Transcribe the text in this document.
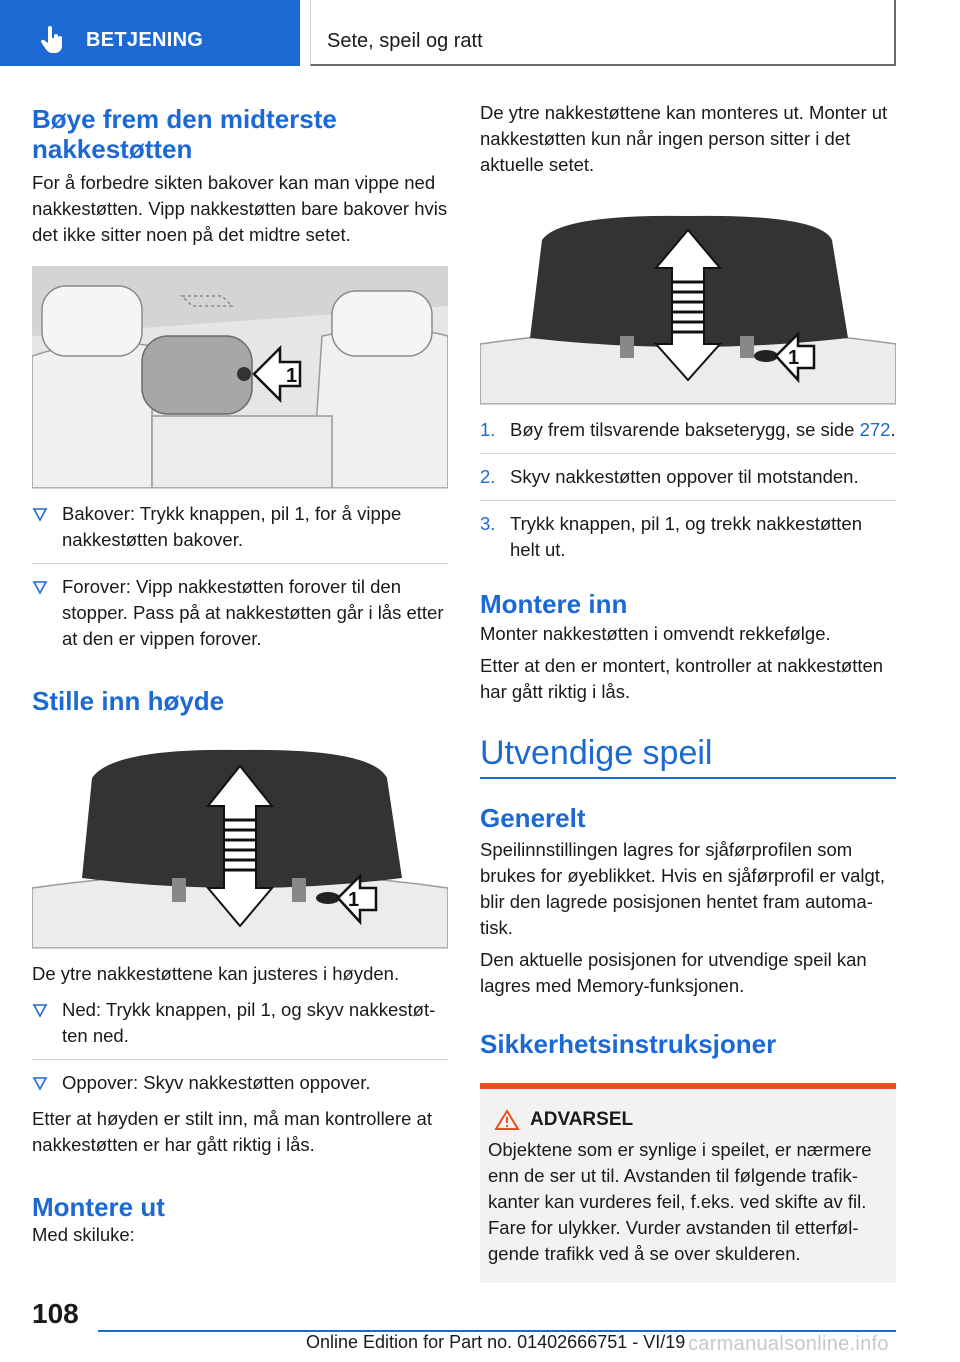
BETJENING	Sete, speil og ratt
Bøye frem den midterste nakkestøtten

For å forbedre sikten bakover kan man vippe ned nakkestøtten. Vipp nakkestøtten bare bakover hvis det ikke sitter noen på det midtre setet.

1
Bakover: Trykk knappen, pil 1, for å vippe nakkestøtten bakover.
Forover: Vipp nakkestøtten forover til den stopper. Pass på at nakkestøtten går i lås etter at den er vippen forover.
Stille inn høyde
1

De ytre nakkestøttene kan justeres i høyden.

Ned: Trykk knappen, pil 1, og skyv nakkestøtten ned.
Oppover: Skyv nakkestøtten oppover.

Etter at høyden er stilt inn, må man kontrollere at nakkestøtten er har gått riktig i lås.

Montere ut

Med skiluke:

De ytre nakkestøttene kan monteres ut. Monter ut nakkestøtten kun når ingen person sitter i det aktuelle setet.

1
1. Bøy frem tilsvarende bakseterygg, se side 272.
2. Skyv nakkestøtten oppover til motstanden.
3. Trykk knappen, pil 1, og trekk nakkestøtten helt ut.
Montere inn

Monter nakkestøtten i omvendt rekkefølge.

Etter at den er montert, kontroller at nakkestøtten har gått riktig i lås.

Utvendige speil
Generelt

Speilinnstillingen lagres for sjåførprofilen som brukes for øyeblikket. Hvis en sjåførprofil er valgt, blir den lagrede posisjonen hentet fram automatisk.

Den aktuelle posisjonen for utvendige speil kan lagres med Memory-funksjonen.

Sikkerhetsinstruksjoner
ADVARSEL

Objektene som er synlige i speilet, er nærmere enn de ser ut til. Avstanden til følgende trafikkanter kan vurderes feil, f.eks. ved skifte av fil. Fare for ulykker. Vurder avstanden til etterfølgende trafikk ved å se over skulderen.

108
Online Edition for Part no. 01402666751 - VI/19 carmanualsonline.info
